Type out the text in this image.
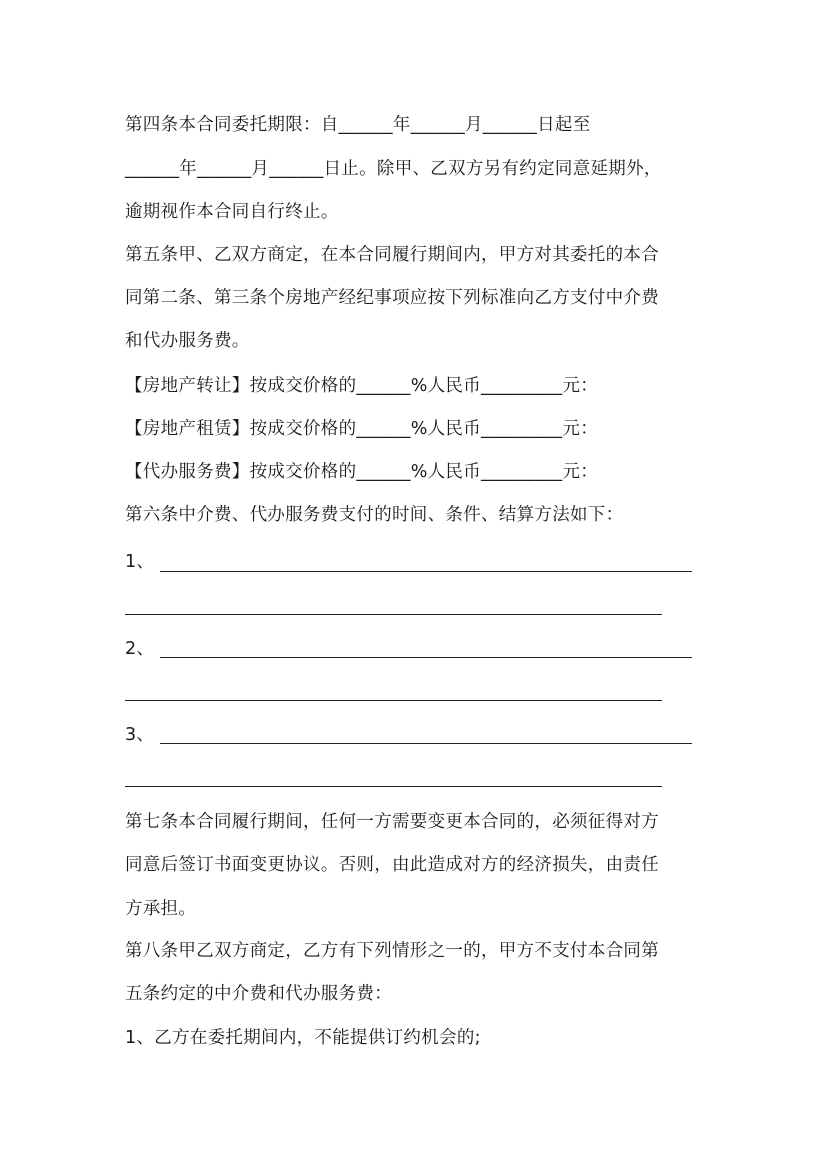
第四条本合同委托期限：自______年______月______日起至
______年______月______日止。除甲、乙双方另有约定同意延期外，
逾期视作本合同自行终止。
第五条甲、乙双方商定，在本合同履行期间内，甲方对其委托的本合
同第二条、第三条个房地产经纪事项应按下列标准向乙方支付中介费
和代办服务费。
【房地产转让】按成交价格的______%人民币_________元：
【房地产租赁】按成交价格的______%人民币_________元：
【代办服务费】按成交价格的______%人民币_________元：
第六条中介费、代办服务费支付的时间、条件、结算方法如下：
1、
2、
3、
第七条本合同履行期间，任何一方需要变更本合同的，必须征得对方
同意后签订书面变更协议。否则，由此造成对方的经济损失，由责任
方承担。
第八条甲乙双方商定，乙方有下列情形之一的，甲方不支付本合同第
五条约定的中介费和代办服务费：
1、乙方在委托期间内，不能提供订约机会的;
